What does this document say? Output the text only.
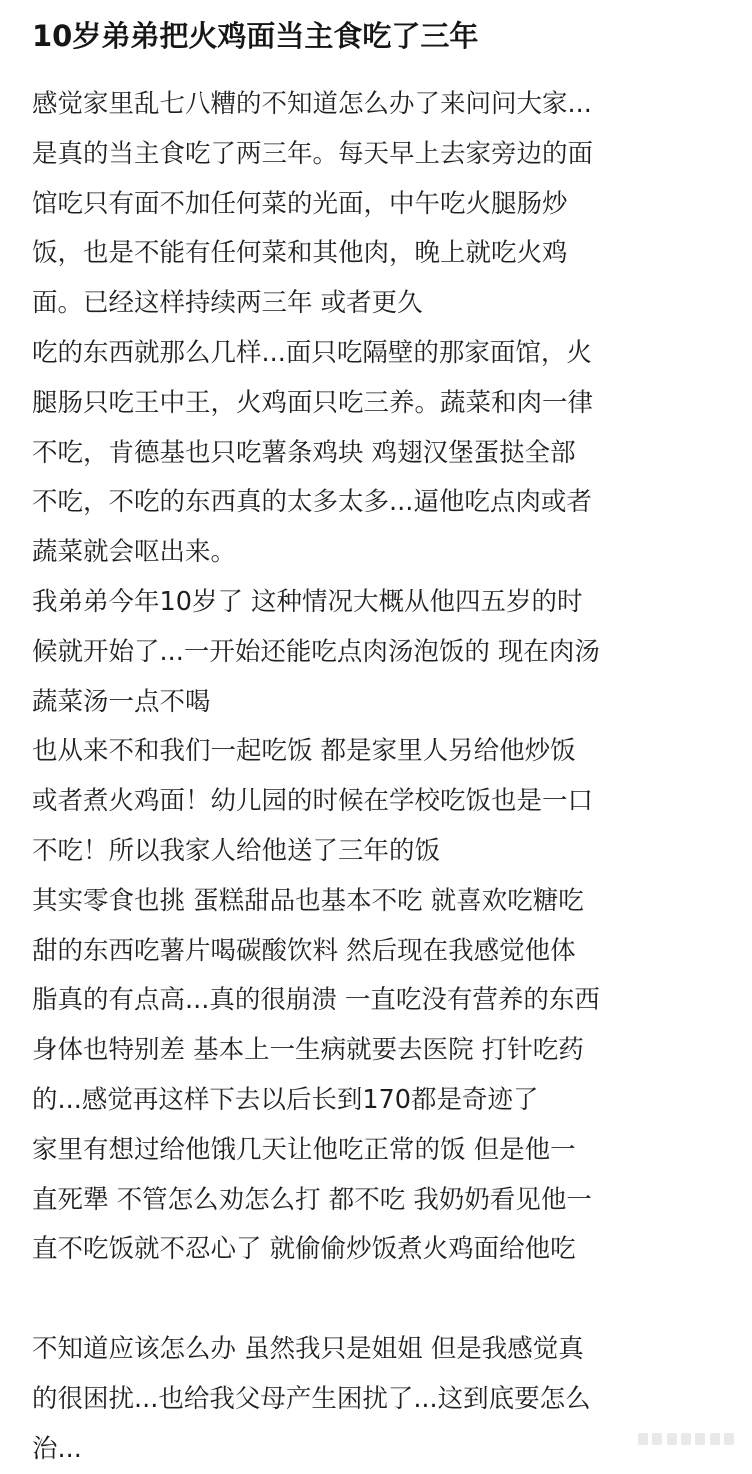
10岁弟弟把火鸡面当主食吃了三年

感觉家里乱七八糟的不知道怎么办了来问问大家...

是真的当主食吃了两三年。每天早上去家旁边的面

馆吃只有面不加任何菜的光面，中午吃火腿肠炒

饭，也是不能有任何菜和其他肉，晚上就吃火鸡

面。已经这样持续两三年 或者更久

吃的东西就那么几样...面只吃隔壁的那家面馆，火

腿肠只吃王中王，火鸡面只吃三养。蔬菜和肉一律

不吃，肯德基也只吃薯条鸡块 鸡翅汉堡蛋挞全部

不吃，不吃的东西真的太多太多...逼他吃点肉或者

蔬菜就会呕出来。

我弟弟今年10岁了 这种情况大概从他四五岁的时

候就开始了...一开始还能吃点肉汤泡饭的 现在肉汤

蔬菜汤一点不喝

也从来不和我们一起吃饭 都是家里人另给他炒饭

或者煮火鸡面！幼儿园的时候在学校吃饭也是一口

不吃！所以我家人给他送了三年的饭

其实零食也挑 蛋糕甜品也基本不吃 就喜欢吃糖吃

甜的东西吃薯片喝碳酸饮料 然后现在我感觉他体

脂真的有点高...真的很崩溃 一直吃没有营养的东西

身体也特别差 基本上一生病就要去医院 打针吃药

的...感觉再这样下去以后长到170都是奇迹了

家里有想过给他饿几天让他吃正常的饭 但是他一

直死犟 不管怎么劝怎么打 都不吃 我奶奶看见他一

直不吃饭就不忍心了 就偷偷炒饭煮火鸡面给他吃

不知道应该怎么办 虽然我只是姐姐 但是我感觉真

的很困扰...也给我父母产生困扰了...这到底要怎么

治...
